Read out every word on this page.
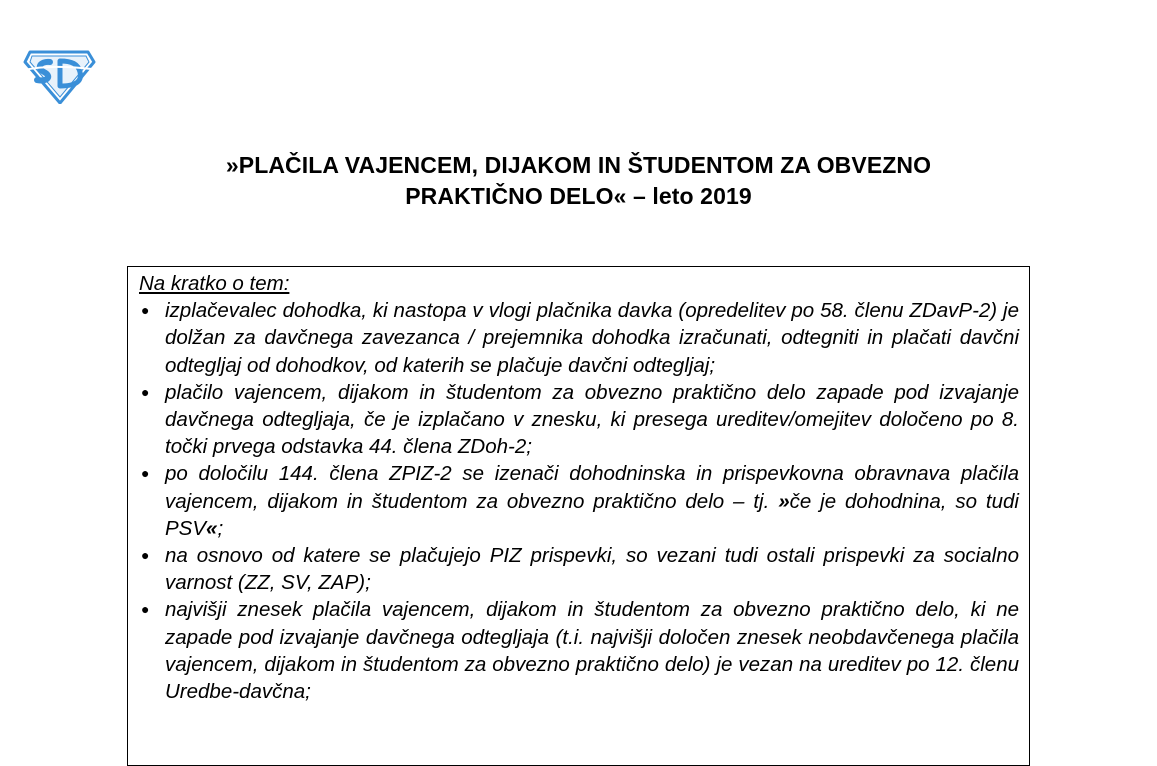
»PLAČILA VAJENCEM, DIJAKOM IN ŠTUDENTOM ZA OBVEZNO
PRAKTIČNO DELO« – leto 2019
Na kratko o tem:
● izplačevalec dohodka, ki nastopa v vlogi plačnika davka (opredelitev po 58. členu ZDavP-2) je dolžan za davčnega zavezanca / prejemnika dohodka izračunati, odtegniti in plačati davčni odtegljaj od dohodkov, od katerih se plačuje davčni odtegljaj;
● plačilo vajencem, dijakom in študentom za obvezno praktično delo zapade pod izvajanje davčnega odtegljaja, če je izplačano v znesku, ki presega ureditev/omejitev določeno po 8. točki prvega odstavka 44. člena ZDoh-2;
● po določilu 144. člena ZPIZ-2 se izenači dohodninska in prispevkovna obravnava plačila vajencem, dijakom in študentom za obvezno praktično delo – tj. »če je dohodnina, so tudi PSV«;
● na osnovo od katere se plačujejo PIZ prispevki, so vezani tudi ostali prispevki za socialno varnost (ZZ, SV, ZAP);
● najvišji znesek plačila vajencem, dijakom in študentom za obvezno praktično delo, ki ne zapade pod izvajanje davčnega odtegljaja (t.i. najvišji določen znesek neobdavčenega plačila vajencem, dijakom in študentom za obvezno praktično delo) je vezan na ureditev po 12. členu Uredbe-davčna;
